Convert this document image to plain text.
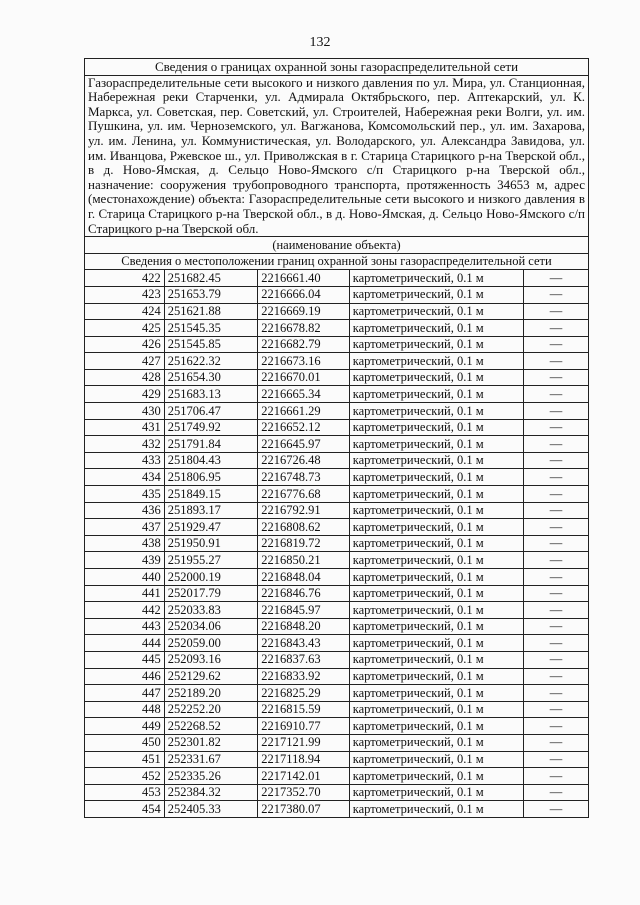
132
Сведения о границах охранной зоны газораспределительной сети				
Газораспределительные сети высокого и низкого давления по ул. Мира, ул. Станционная, Набережная реки Старченки, ул. Адмирала Октябрьского, пер. Аптекарский, ул. К. Маркса, ул. Советская, пер. Советский, ул. Строителей, Набережная реки Волги, ул. им. Пушкина, ул. им. Черноземского, ул. Вагжанова, Комсомольский пер., ул. им. Захарова, ул. им. Ленина, ул. Коммунистическая, ул. Володарского, ул. Александра Завидова, ул. им. Иванцова, Ржевское ш., ул. Приволжская в г. Старица Старицкого р-на Тверской обл., в д. Ново-Ямская, д. Сельцо Ново-Ямского с/п Старицкого р-на Тверской обл., назначение: сооружения трубопроводного транспорта, протяженность 34653 м, адрес (местонахождение) объекта: Газораспределительные сети высокого и низкого давления в г. Старица Старицкого р-на Тверской обл., в д. Ново-Ямская, д. Сельцо Ново-Ямского с/п Старицкого р-на Тверской обл.				
(наименование объекта)				
Сведения о местоположении границ охранной зоны газораспределительной сети				
422	251682.45	2216661.40	картометрический, 0.1 м	—
423	251653.79	2216666.04	картометрический, 0.1 м	—
424	251621.88	2216669.19	картометрический, 0.1 м	—
425	251545.35	2216678.82	картометрический, 0.1 м	—
426	251545.85	2216682.79	картометрический, 0.1 м	—
427	251622.32	2216673.16	картометрический, 0.1 м	—
428	251654.30	2216670.01	картометрический, 0.1 м	—
429	251683.13	2216665.34	картометрический, 0.1 м	—
430	251706.47	2216661.29	картометрический, 0.1 м	—
431	251749.92	2216652.12	картометрический, 0.1 м	—
432	251791.84	2216645.97	картометрический, 0.1 м	—
433	251804.43	2216726.48	картометрический, 0.1 м	—
434	251806.95	2216748.73	картометрический, 0.1 м	—
435	251849.15	2216776.68	картометрический, 0.1 м	—
436	251893.17	2216792.91	картометрический, 0.1 м	—
437	251929.47	2216808.62	картометрический, 0.1 м	—
438	251950.91	2216819.72	картометрический, 0.1 м	—
439	251955.27	2216850.21	картометрический, 0.1 м	—
440	252000.19	2216848.04	картометрический, 0.1 м	—
441	252017.79	2216846.76	картометрический, 0.1 м	—
442	252033.83	2216845.97	картометрический, 0.1 м	—
443	252034.06	2216848.20	картометрический, 0.1 м	—
444	252059.00	2216843.43	картометрический, 0.1 м	—
445	252093.16	2216837.63	картометрический, 0.1 м	—
446	252129.62	2216833.92	картометрический, 0.1 м	—
447	252189.20	2216825.29	картометрический, 0.1 м	—
448	252252.20	2216815.59	картометрический, 0.1 м	—
449	252268.52	2216910.77	картометрический, 0.1 м	—
450	252301.82	2217121.99	картометрический, 0.1 м	—
451	252331.67	2217118.94	картометрический, 0.1 м	—
452	252335.26	2217142.01	картометрический, 0.1 м	—
453	252384.32	2217352.70	картометрический, 0.1 м	—
454	252405.33	2217380.07	картометрический, 0.1 м	—
